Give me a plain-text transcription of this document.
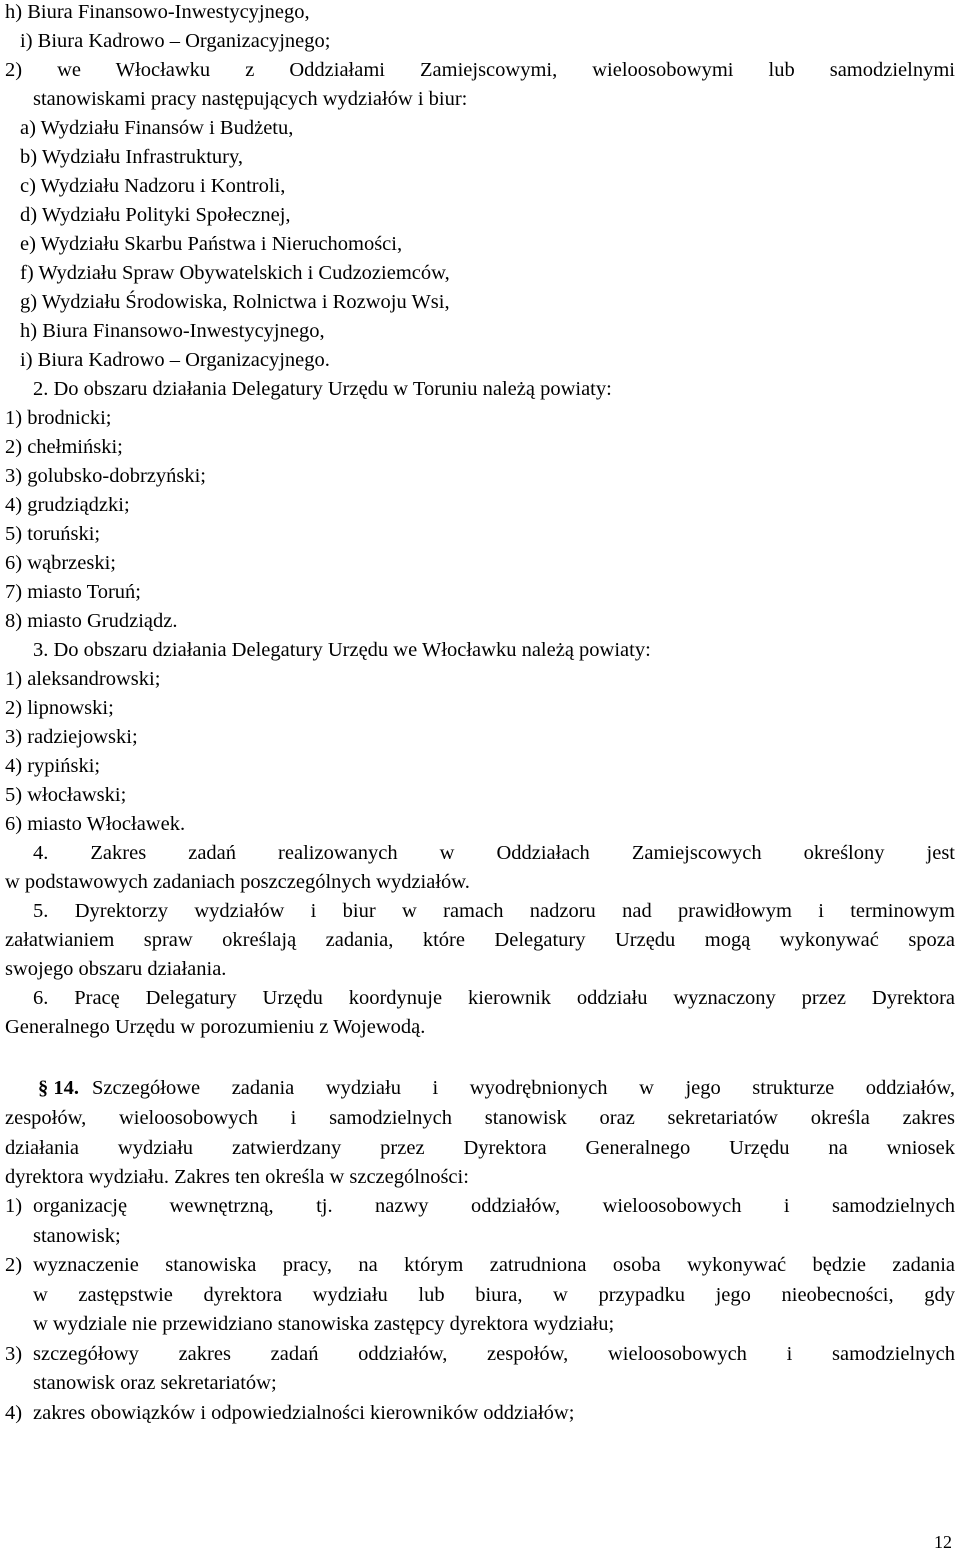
h) Biura Finansowo-Inwestycyjnego,
i) Biura Kadrowo – Organizacyjnego;
2) we Włocławku z Oddziałami Zamiejscowymi, wieloosobowymi lub samodzielnymi
stanowiskami pracy następujących wydziałów i biur:
a) Wydziału Finansów i Budżetu,
b) Wydziału Infrastruktury,
c) Wydziału Nadzoru i Kontroli,
d) Wydziału Polityki Społecznej,
e) Wydziału Skarbu Państwa i Nieruchomości,
f) Wydziału Spraw Obywatelskich i Cudzoziemców,
g) Wydziału Środowiska, Rolnictwa i Rozwoju Wsi,
h) Biura Finansowo-Inwestycyjnego,
i) Biura Kadrowo – Organizacyjnego.
2. Do obszaru działania Delegatury Urzędu w Toruniu należą powiaty:
1) brodnicki;
2) chełmiński;
3) golubsko-dobrzyński;
4) grudziądzki;
5) toruński;
6) wąbrzeski;
7) miasto Toruń;
8) miasto Grudziądz.
3. Do obszaru działania Delegatury Urzędu we Włocławku należą powiaty:
1) aleksandrowski;
2) lipnowski;
3) radziejowski;
4) rypiński;
5) włocławski;
6) miasto Włocławek.
4. Zakres zadań realizowanych w Oddziałach Zamiejscowych określony jest
w podstawowych zadaniach poszczególnych wydziałów.
5. Dyrektorzy wydziałów i biur w ramach nadzoru nad prawidłowym i terminowym
załatwianiem spraw określają zadania, które Delegatury Urzędu mogą wykonywać spoza
swojego obszaru działania.
6. Pracę Delegatury Urzędu koordynuje kierownik oddziału wyznaczony przez Dyrektora
Generalnego Urzędu w porozumieniu z Wojewodą.
§ 14. Szczegółowe zadania wydziału i wyodrębnionych w jego strukturze oddziałów,
zespołów, wieloosobowych i samodzielnych stanowisk oraz sekretariatów określa zakres
działania wydziału zatwierdzany przez Dyrektora Generalnego Urzędu na wniosek
dyrektora wydziału. Zakres ten określa w szczególności:
1) organizację wewnętrzną, tj. nazwy oddziałów, wieloosobowych i samodzielnych
stanowisk;
2) wyznaczenie stanowiska pracy, na którym zatrudniona osoba wykonywać będzie zadania
w zastępstwie dyrektora wydziału lub biura, w przypadku jego nieobecności, gdy
w wydziale nie przewidziano stanowiska zastępcy dyrektora wydziału;
3) szczegółowy zakres zadań oddziałów, zespołów, wieloosobowych i samodzielnych
stanowisk oraz sekretariatów;
4) zakres obowiązków i odpowiedzialności kierowników oddziałów;
12
